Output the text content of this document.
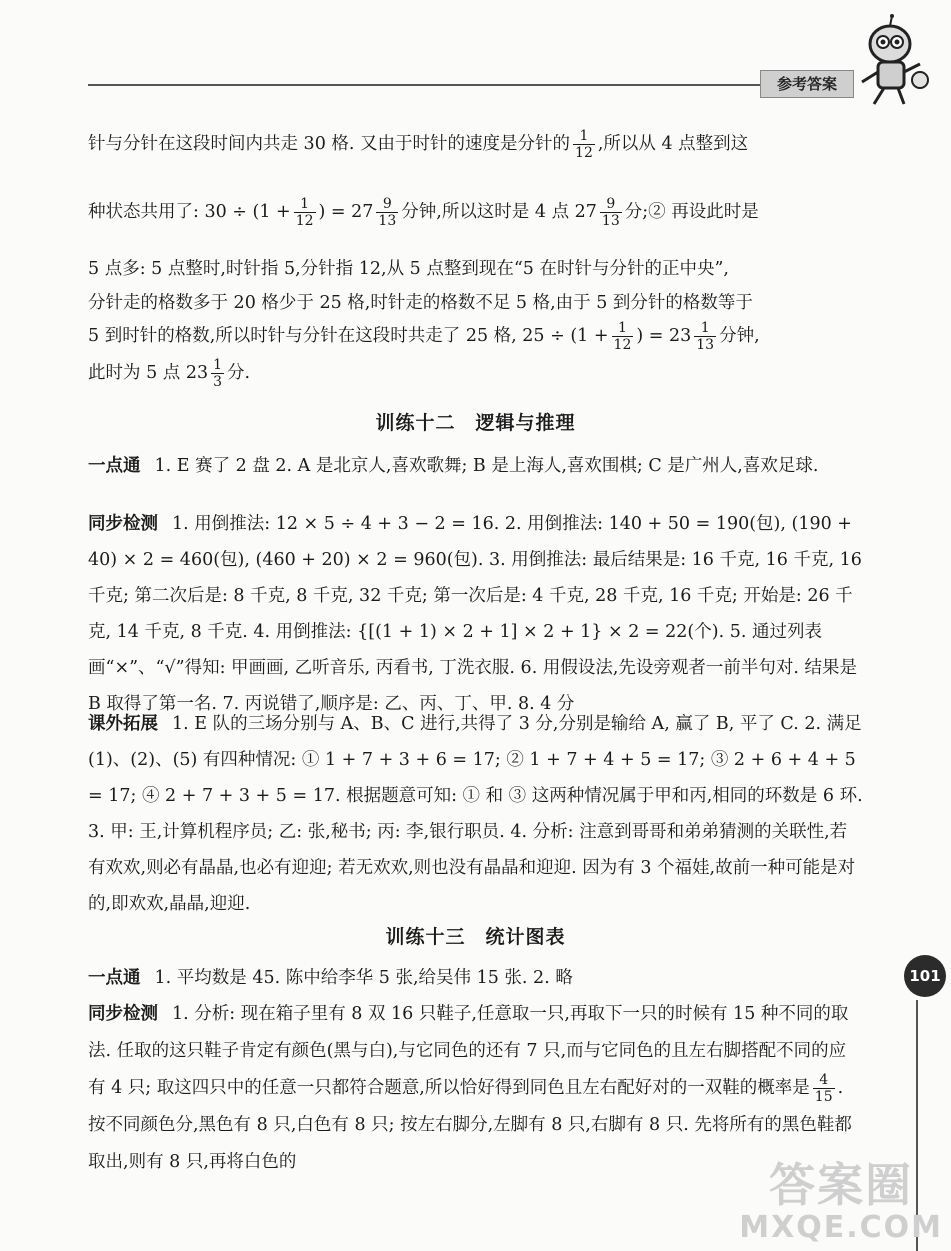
参考答案
针与分针在这段时间内共走 30 格. 又由于时针的速度是分针的 $\frac{1}{12}$ ,所以从 4 点整到这
种状态共用了: $30 \div (1 + \frac{1}{12}$ ) = $27 \frac{9}{13}$ 分钟,所以这时是 4 点 $27 \frac{9}{13}$ 分;② 再设此时是
5 点多: 5 点整时,时针指 5,分针指 12,从 5 点整到现在“5 在时针与分针的正中央”,
分针走的格数多于 20 格少于 25 格,时针走的格数不足 5 格,由于 5 到分针的格数等于
5 到时针的格数,所以时针与分针在这段时共走了 25 格, $25 \div (1 + \frac{1}{12}$ ) = $23 \frac{1}{13}$ 分钟,
此时为 5 点 $23 \frac{1}{3}$ 分.
训练十二　逻辑与推理

一点通 1. E 赛了 2 盘 2. A 是北京人,喜欢歌舞; B 是上海人,喜欢围棋; C 是广州人,喜欢足球.

同步检测 1. 用倒推法: 12 × 5 ÷ 4 + 3 − 2 = 16. 2. 用倒推法: 140 + 50 = 190(包), (190 + 40) × 2 = 460(包), (460 + 20) × 2 = 960(包). 3. 用倒推法: 最后结果是: 16 千克, 16 千克, 16 千克; 第二次后是: 8 千克, 8 千克, 32 千克; 第一次后是: 4 千克, 28 千克, 16 千克; 开始是: 26 千克, 14 千克, 8 千克. 4. 用倒推法: {[(1 + 1) × 2 + 1] × 2 + 1} × 2 = 22(个). 5. 通过列表画“×”、“√”得知: 甲画画, 乙听音乐, 丙看书, 丁洗衣服. 6. 用假设法,先设旁观者一前半句对. 结果是 B 取得了第一名. 7. 丙说错了,顺序是: 乙、丙、丁、甲. 8. 4 分

课外拓展 1. E 队的三场分别与 A、B、C 进行,共得了 3 分,分别是输给 A, 赢了 B, 平了 C. 2. 满足(1)、(2)、(5) 有四种情况: ① 1 + 7 + 3 + 6 = 17; ② 1 + 7 + 4 + 5 = 17; ③ 2 + 6 + 4 + 5 = 17; ④ 2 + 7 + 3 + 5 = 17. 根据题意可知: ① 和 ③ 这两种情况属于甲和丙,相同的环数是 6 环. 3. 甲: 王,计算机程序员; 乙: 张,秘书; 丙: 李,银行职员. 4. 分析: 注意到哥哥和弟弟猜测的关联性,若有欢欢,则必有晶晶,也必有迎迎; 若无欢欢,则也没有晶晶和迎迎. 因为有 3 个福娃,故前一种可能是对的,即欢欢,晶晶,迎迎.

训练十三　统计图表

一点通 1. 平均数是 45. 陈中给李华 5 张,给吴伟 15 张. 2. 略

同步检测 1. 分析: 现在箱子里有 8 双 16 只鞋子,任意取一只,再取下一只的时候有 15 种不同的取法. 任取的这只鞋子肯定有颜色(黑与白),与它同色的还有 7 只,而与它同色的且左右脚搭配不同的应有 4 只; 取这四只中的任意一只都符合题意,所以恰好得到同色且左右配好对的一双鞋的概率是 $\frac{4}{15}$ . 按不同颜色分,黑色有 8 只,白色有 8 只; 按左右脚分,左脚有 8 只,右脚有 8 只. 先将所有的黑色鞋都取出,则有 8 只,再将白色的

101
答案圈
MXQE.COM
